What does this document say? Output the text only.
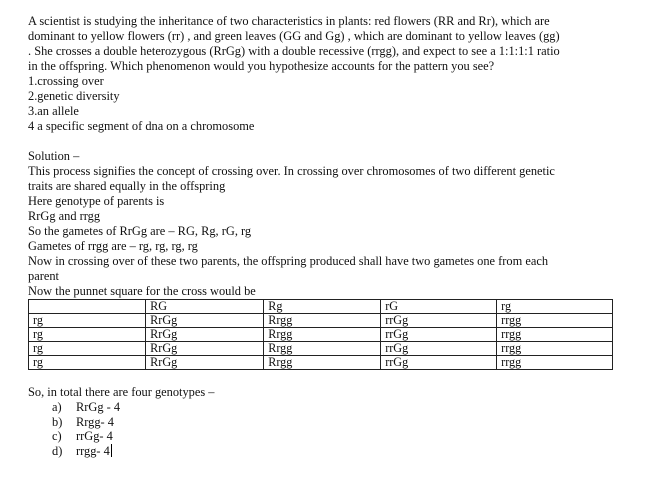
A scientist is studying the inheritance of two characteristics in plants: red flowers (RR and Rr), which are
dominant to yellow flowers (rr) , and green leaves (GG and Gg) , which are dominant to yellow leaves (gg)
. She crosses a double heterozygous (RrGg) with a double recessive (rrgg), and expect to see a 1:1:1:1 ratio
in the offspring. Which phenomenon would you hypothesize accounts for the pattern you see?
1.crossing over
2.genetic diversity
3.an allele
4 a specific segment of dna on a chromosome
Solution –
This process signifies the concept of crossing over. In crossing over chromosomes of two different genetic
traits are shared equally in the offspring
Here genotype of parents is
RrGg and rrgg
So the gametes of RrGg are – RG, Rg, rG, rg
Gametes of rrgg are – rg, rg, rg, rg
Now in crossing over of these two parents, the offspring produced shall have two gametes one from each
parent
Now the punnet square for the cross would be
	RG	Rg	rG	rg
rg	RrGg	Rrgg	rrGg	rrgg
rg	RrGg	Rrgg	rrGg	rrgg
rg	RrGg	Rrgg	rrGg	rrgg
rg	RrGg	Rrgg	rrGg	rrgg
So, in total there are four genotypes –
a) RrGg - 4
b) Rrgg- 4
c) rrGg- 4
d) rrgg- 4
